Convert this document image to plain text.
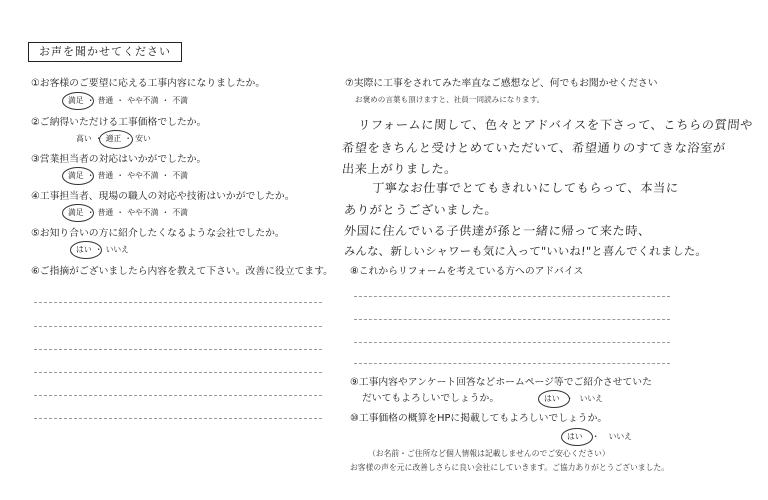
お声を聞かせてください
①お客様のご要望に応える工事内容になりましたか。
満足 ・ 普通 ・ やや不満 ・ 不満
②ご納得いただける工事価格でしたか。
高い ・ 適正 ・ 安い
③営業担当者の対応はいかがでしたか。
満足 ・ 普通 ・ やや不満 ・ 不満
④工事担当者、現場の職人の対応や技術はいかがでしたか。
満足 ・ 普通 ・ やや不満 ・ 不満
⑤お知り合いの方に紹介したくなるような会社でしたか。
はい ・ いいえ
⑥ご指摘がございましたら内容を教えて下さい。改善に役立てます。
⑦実際に工事をされてみた率直なご感想など、何でもお聞かせください
お褒めの言葉も頂けますと、社員一同読みになります。
リフォームに関して、色々とアドバイスを下さって、こちらの質問や
希望をきちんと受けとめていただいて、希望通りのすてきな浴室が
出来上がりました。
丁寧なお仕事でとてもきれいにしてもらって、本当に
ありがとうございました。
外国に住んでいる子供達が孫と一緒に帰って来た時、
みんな、新しいシャワーも気に入って"いいね!"と喜んでくれました。
⑧これからリフォームを考えている方へのアドバイス
⑨工事内容やアンケート回答などホームページ等でご紹介させていた
だいてもよろしいでしょうか。	はい ・ いいえ
⑩工事価格の概算をHPに掲載してもよろしいでしょうか。
はい	・	いいえ
（お名前・ご住所など個人情報は記載しませんのでご安心ください）
お客様の声を元に改善しさらに良い会社にしていきます。ご協力ありがとうございました。
